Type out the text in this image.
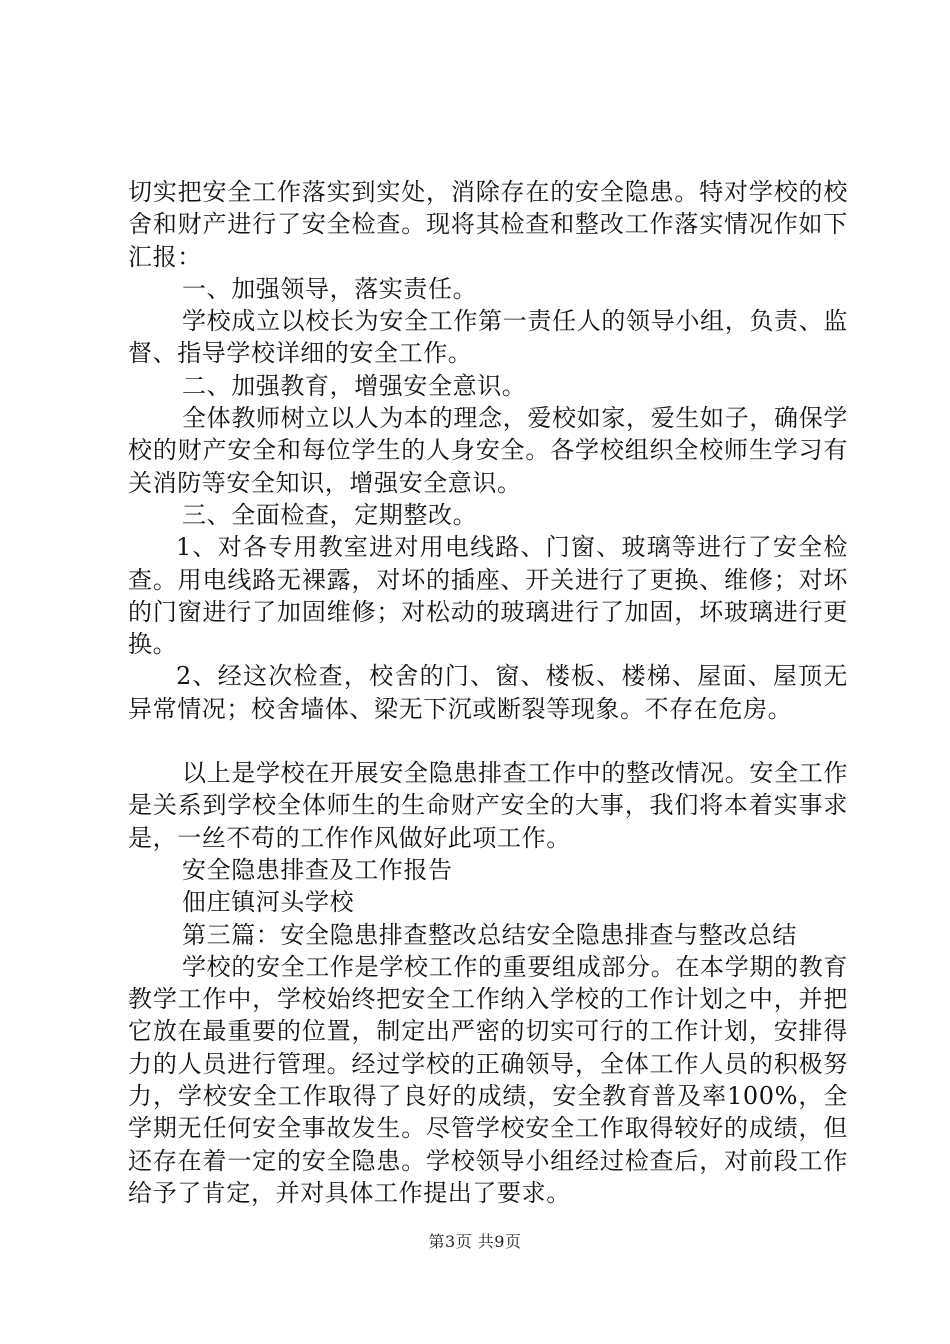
切实把安全工作落实到实处，消除存在的安全隐患。特对学校的校舍和财产进行了安全检查。现将其检查和整改工作落实情况作如下汇报：

一、加强领导，落实责任。

学校成立以校长为安全工作第一责任人的领导小组，负责、监督、指导学校详细的安全工作。

二、加强教育，增强安全意识。

全体教师树立以人为本的理念，爱校如家，爱生如子，确保学校的财产安全和每位学生的人身安全。各学校组织全校师生学习有关消防等安全知识，增强安全意识。

三、全面检查，定期整改。

1、对各专用教室进对用电线路、门窗、玻璃等进行了安全检查。用电线路无裸露，对坏的插座、开关进行了更换、维修；对坏的门窗进行了加固维修；对松动的玻璃进行了加固，坏玻璃进行更换。

2、经这次检查，校舍的门、窗、楼板、楼梯、屋面、屋顶无异常情况；校舍墙体、梁无下沉或断裂等现象。不存在危房。

以上是学校在开展安全隐患排查工作中的整改情况。安全工作是关系到学校全体师生的生命财产安全的大事，我们将本着实事求是，一丝不苟的工作作风做好此项工作。

安全隐患排查及工作报告

佃庄镇河头学校

第三篇：安全隐患排查整改总结安全隐患排查与整改总结

学校的安全工作是学校工作的重要组成部分。在本学期的教育教学工作中，学校始终把安全工作纳入学校的工作计划之中，并把它放在最重要的位置，制定出严密的切实可行的工作计划，安排得力的人员进行管理。经过学校的正确领导，全体工作人员的积极努力，学校安全工作取得了良好的成绩，安全教育普及率100%，全学期无任何安全事故发生。尽管学校安全工作取得较好的成绩，但还存在着一定的安全隐患。学校领导小组经过检查后，对前段工作给予了肯定，并对具体工作提出了要求。

第3页 共9页
